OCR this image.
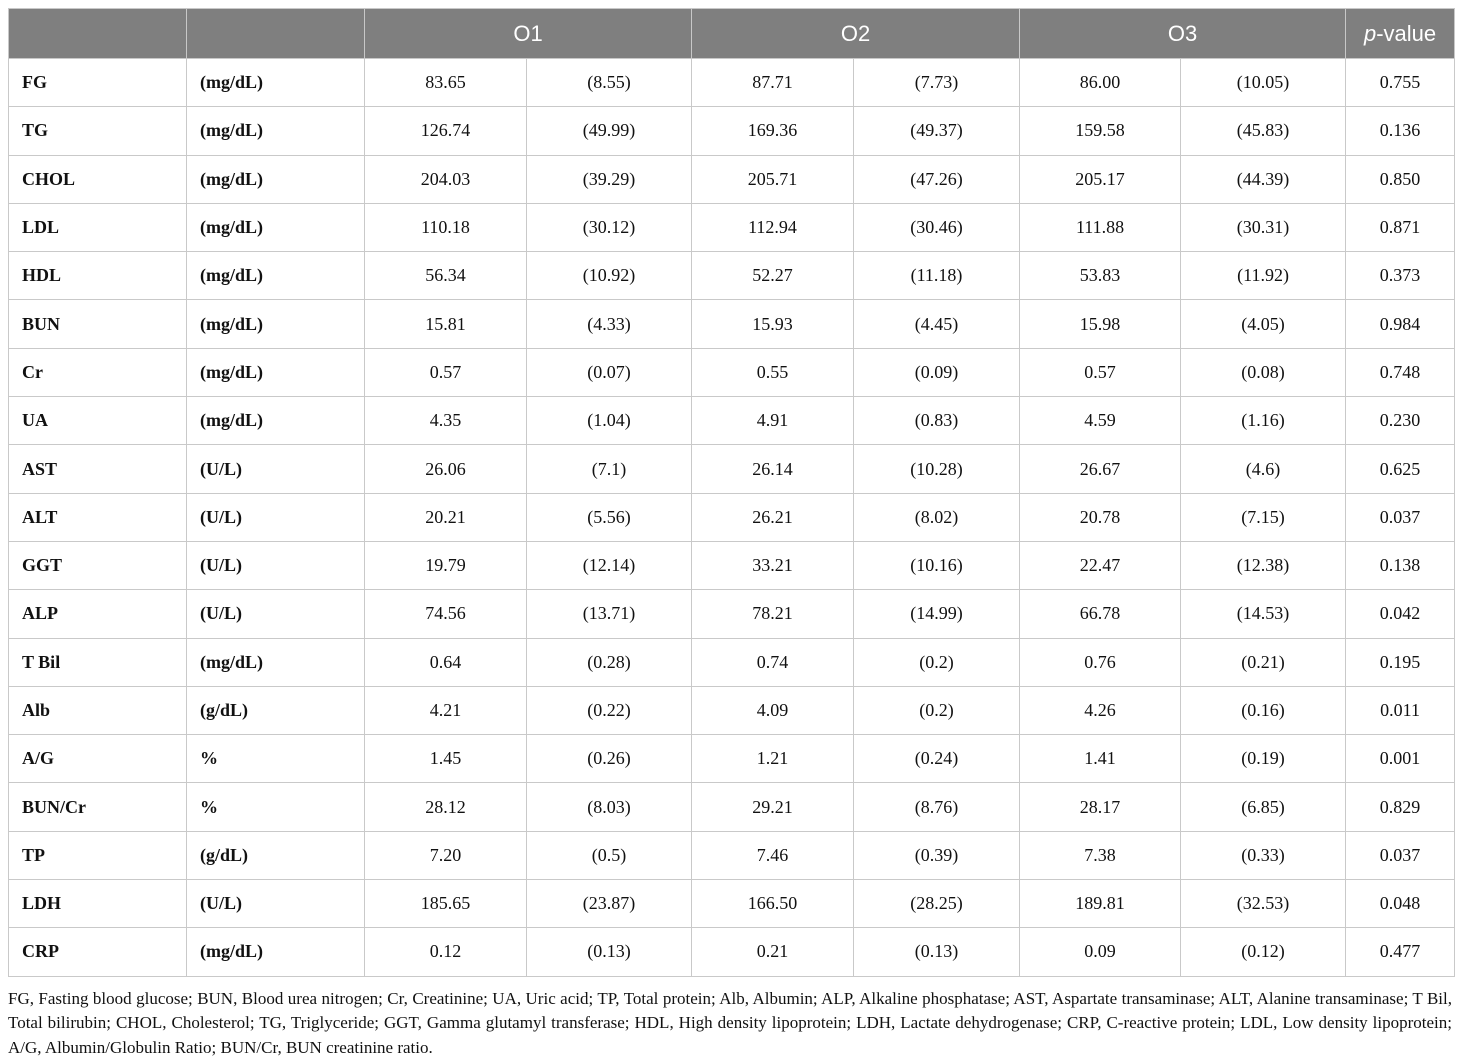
		O1		O2		O3		p-value
FG	(mg/dL)	83.65	(8.55)	87.71	(7.73)	86.00	(10.05)	0.755
TG	(mg/dL)	126.74	(49.99)	169.36	(49.37)	159.58	(45.83)	0.136
CHOL	(mg/dL)	204.03	(39.29)	205.71	(47.26)	205.17	(44.39)	0.850
LDL	(mg/dL)	110.18	(30.12)	112.94	(30.46)	111.88	(30.31)	0.871
HDL	(mg/dL)	56.34	(10.92)	52.27	(11.18)	53.83	(11.92)	0.373
BUN	(mg/dL)	15.81	(4.33)	15.93	(4.45)	15.98	(4.05)	0.984
Cr	(mg/dL)	0.57	(0.07)	0.55	(0.09)	0.57	(0.08)	0.748
UA	(mg/dL)	4.35	(1.04)	4.91	(0.83)	4.59	(1.16)	0.230
AST	(U/L)	26.06	(7.1)	26.14	(10.28)	26.67	(4.6)	0.625
ALT	(U/L)	20.21	(5.56)	26.21	(8.02)	20.78	(7.15)	0.037
GGT	(U/L)	19.79	(12.14)	33.21	(10.16)	22.47	(12.38)	0.138
ALP	(U/L)	74.56	(13.71)	78.21	(14.99)	66.78	(14.53)	0.042
T Bil	(mg/dL)	0.64	(0.28)	0.74	(0.2)	0.76	(0.21)	0.195
Alb	(g/dL)	4.21	(0.22)	4.09	(0.2)	4.26	(0.16)	0.011
A/G	%	1.45	(0.26)	1.21	(0.24)	1.41	(0.19)	0.001
BUN/Cr	%	28.12	(8.03)	29.21	(8.76)	28.17	(6.85)	0.829
TP	(g/dL)	7.20	(0.5)	7.46	(0.39)	7.38	(0.33)	0.037
LDH	(U/L)	185.65	(23.87)	166.50	(28.25)	189.81	(32.53)	0.048
CRP	(mg/dL)	0.12	(0.13)	0.21	(0.13)	0.09	(0.12)	0.477
FG, Fasting blood glucose; BUN, Blood urea nitrogen; Cr, Creatinine; UA, Uric acid; TP, Total protein; Alb, Albumin; ALP, Alkaline phosphatase; AST, Aspartate transaminase; ALT, Alanine transaminase; T Bil, Total bilirubin; CHOL, Cholesterol; TG, Triglyceride; GGT, Gamma glutamyl transferase; HDL, High density lipoprotein; LDH, Lactate dehydrogenase; CRP, C-reactive protein; LDL, Low density lipoprotein; A/G, Albumin/Globulin Ratio; BUN/Cr, BUN creatinine ratio.
